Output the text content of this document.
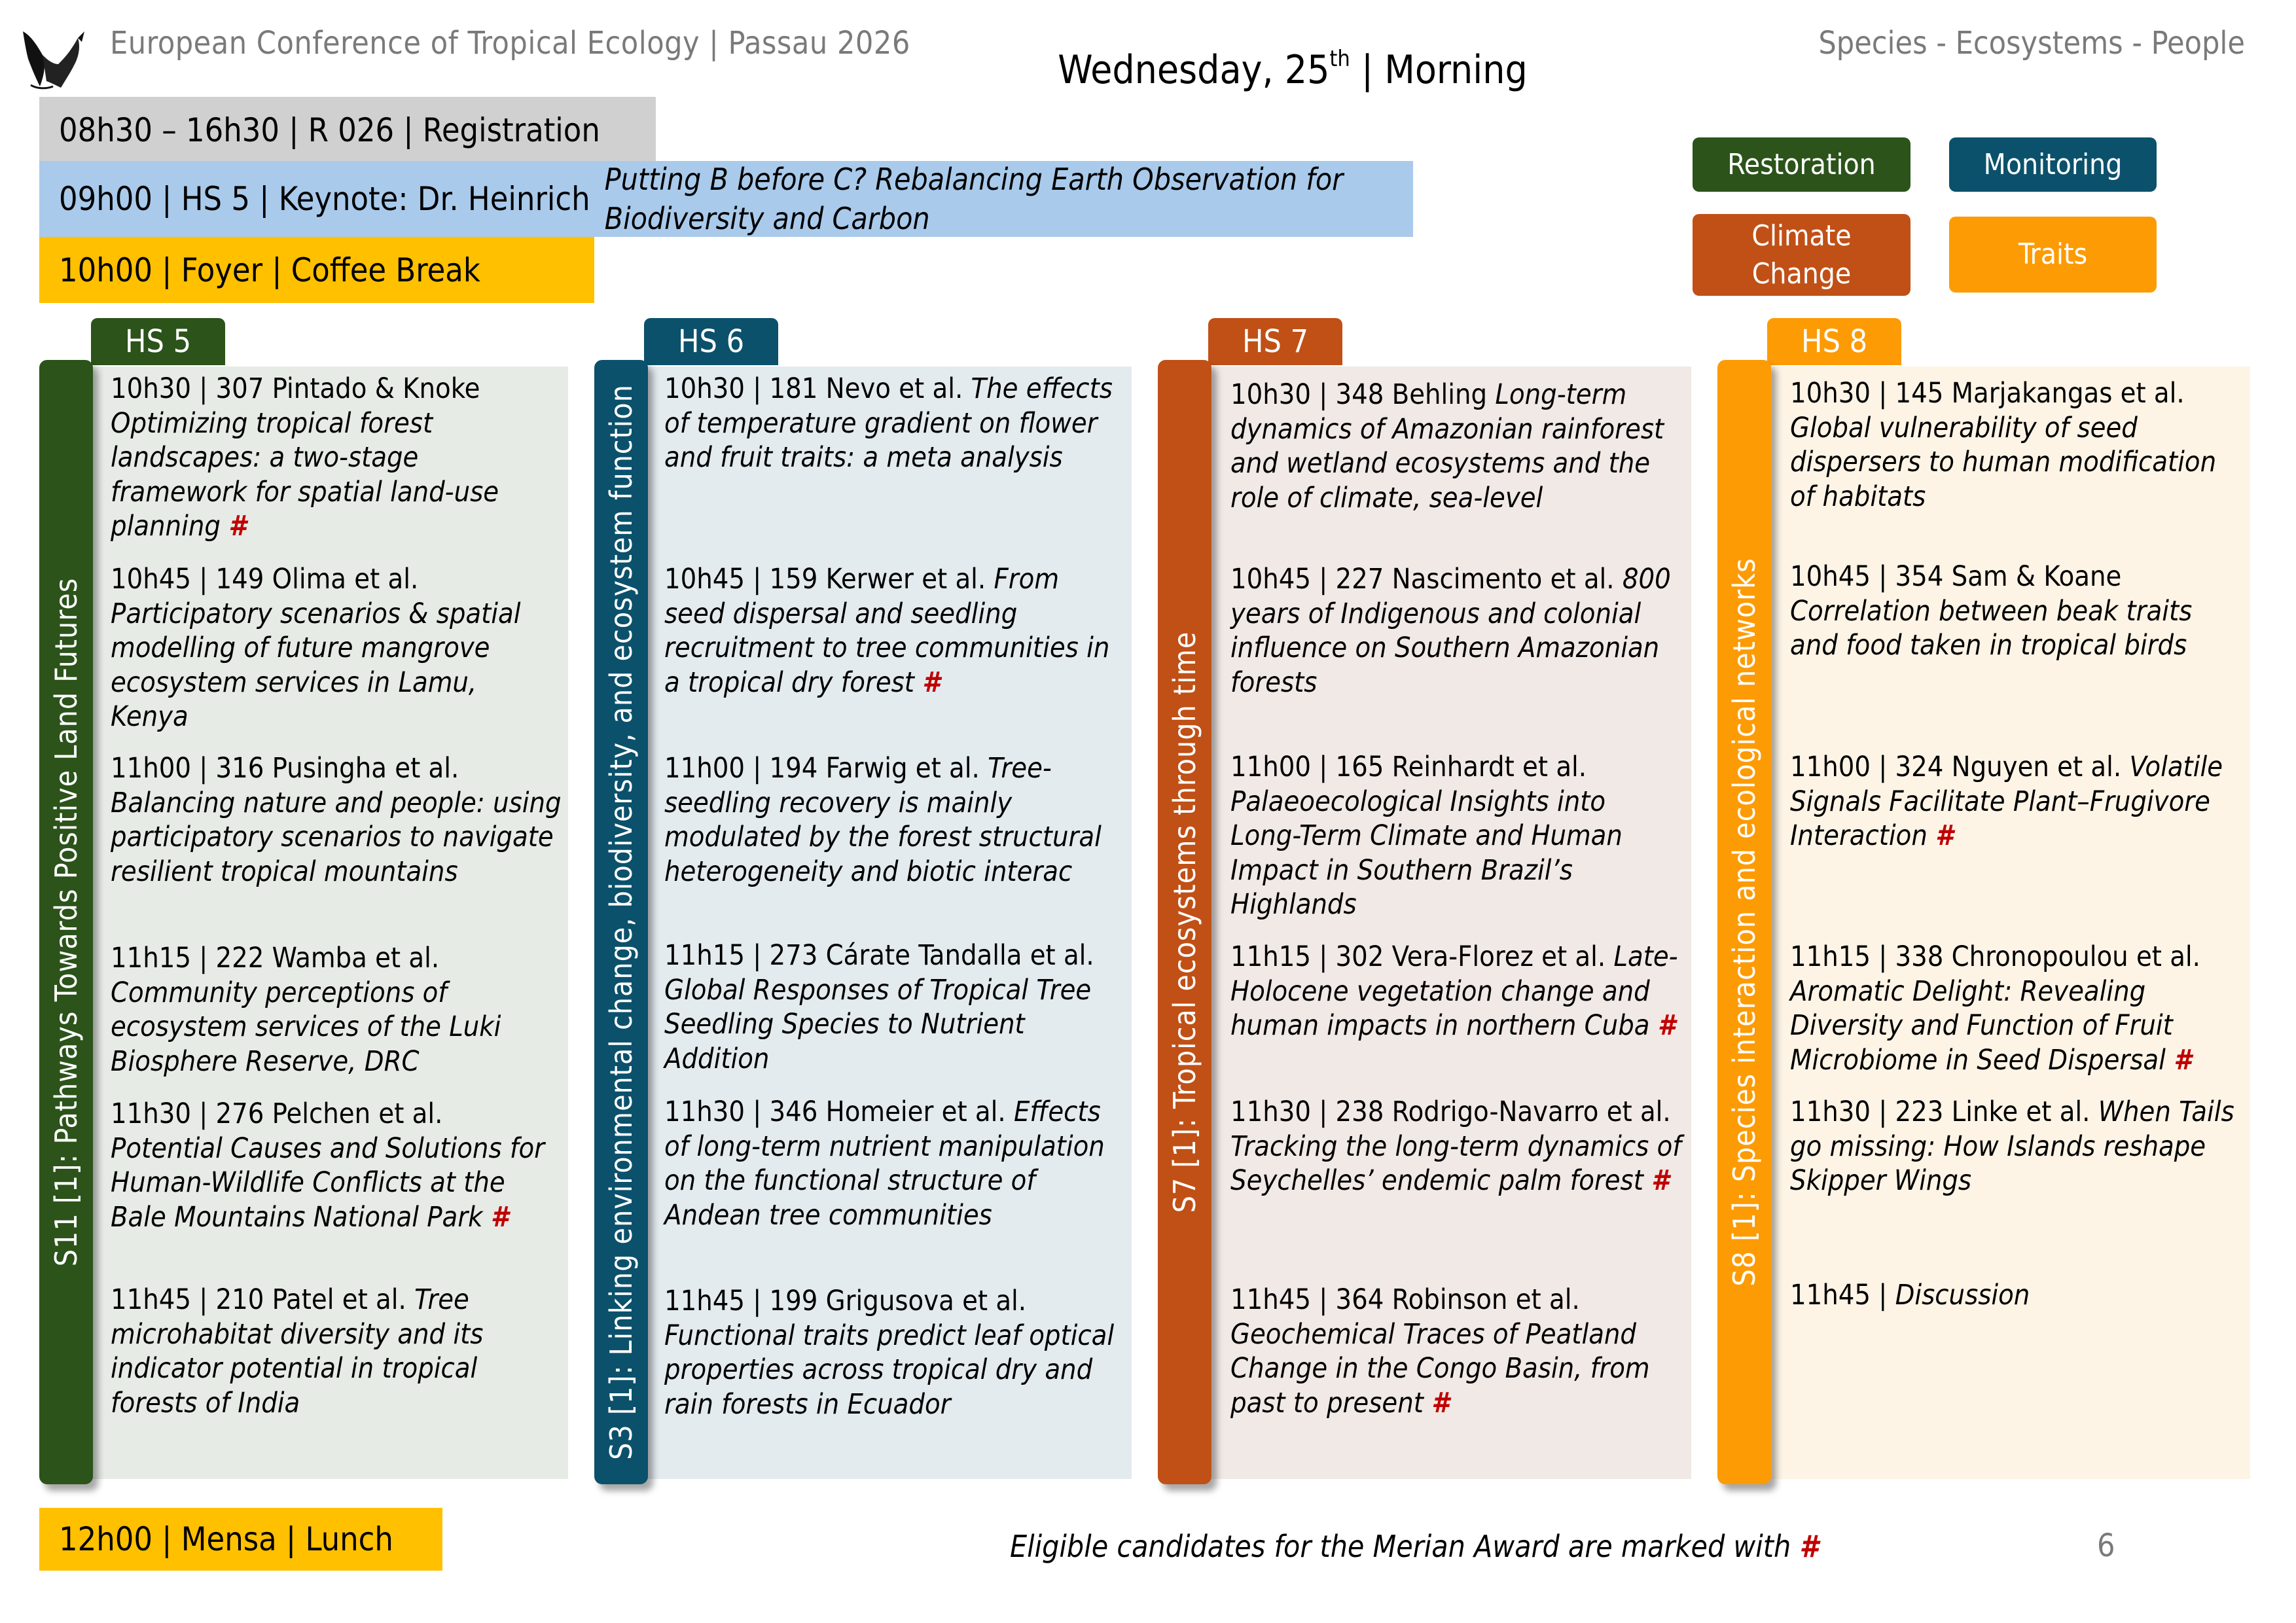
European Conference of Tropical Ecology | Passau 2026	Species - Ecosystems - People
Wednesday, 25th | Morning
08h30 – 16h30 | R 026 | Registration
09h00 | HS 5 | Keynote: Dr. Heinrich
Putting B before C? Rebalancing Earth Observation for Biodiversity and Carbon
10h00 | Foyer | Coffee Break
Restoration	Monitoring
Climate Change
Traits
HS 5
10h30 | 307 Pintado & Knoke Optimizing tropical forest landscapes: a two-stage framework for spatial land-use planning #
10h45 | 149 Olima et al. Participatory scenarios & spatial modelling of future mangrove ecosystem services in Lamu, Kenya
11h00 | 316 Pusingha et al. Balancing nature and people: using participatory scenarios to navigate resilient tropical mountains
11h15 | 222 Wamba et al. Community perceptions of ecosystem services of the Luki Biosphere Reserve, DRC
11h30 | 276 Pelchen et al. Potential Causes and Solutions for Human-Wildlife Conflicts at the Bale Mountains National Park #
11h45 | 210 Patel et al. Tree microhabitat diversity and its indicator potential in tropical forests of India
S11 [1]: Pathways Towards Positive Land Futures
HS 6
10h30 | 181 Nevo et al. The effects of temperature gradient on flower and fruit traits: a meta analysis
10h45 | 159 Kerwer et al. From seed dispersal and seedling recruitment to tree communities in a tropical dry forest #
11h00 | 194 Farwig et al. Tree-seedling recovery is mainly modulated by the forest structural heterogeneity and biotic interac
11h15 | 273 Cárate Tandalla et al. Global Responses of Tropical Tree Seedling Species to Nutrient Addition
11h30 | 346 Homeier et al. Effects of long-term nutrient manipulation on the functional structure of Andean tree communities
11h45 | 199 Grigusova et al. Functional traits predict leaf optical properties across tropical dry and rain forests in Ecuador
S3 [1]: Linking environmental change, biodiversity, and ecosystem function
HS 7
10h30 | 348 Behling Long-term dynamics of Amazonian rainforest and wetland ecosystems and the role of climate, sea-level
10h45 | 227 Nascimento et al. 800 years of Indigenous and colonial influence on Southern Amazonian forests
11h00 | 165 Reinhardt et al. Palaeoecological Insights into Long-Term Climate and Human Impact in Southern Brazil’s Highlands
11h15 | 302 Vera-Florez et al. Late-Holocene vegetation change and human impacts in northern Cuba #
11h30 | 238 Rodrigo-Navarro et al. Tracking the long-term dynamics of Seychelles’ endemic palm forest #
11h45 | 364 Robinson et al. Geochemical Traces of Peatland Change in the Congo Basin, from past to present #
S7 [1]: Tropical ecosystems through time
HS 8
10h30 | 145 Marjakangas et al. Global vulnerability of seed dispersers to human modification of habitats
10h45 | 354 Sam & Koane Correlation between beak traits and food taken in tropical birds
11h00 | 324 Nguyen et al. Volatile Signals Facilitate Plant–Frugivore Interaction #
11h15 | 338 Chronopoulou et al. Aromatic Delight: Revealing Diversity and Function of Fruit Microbiome in Seed Dispersal #
11h30 | 223 Linke et al. When Tails go missing: How Islands reshape Skipper Wings
11h45 | Discussion
S8 [1]: Species interaction and ecological networks
12h00 | Mensa | Lunch	Eligible candidates for the Merian Award are marked with #	6
